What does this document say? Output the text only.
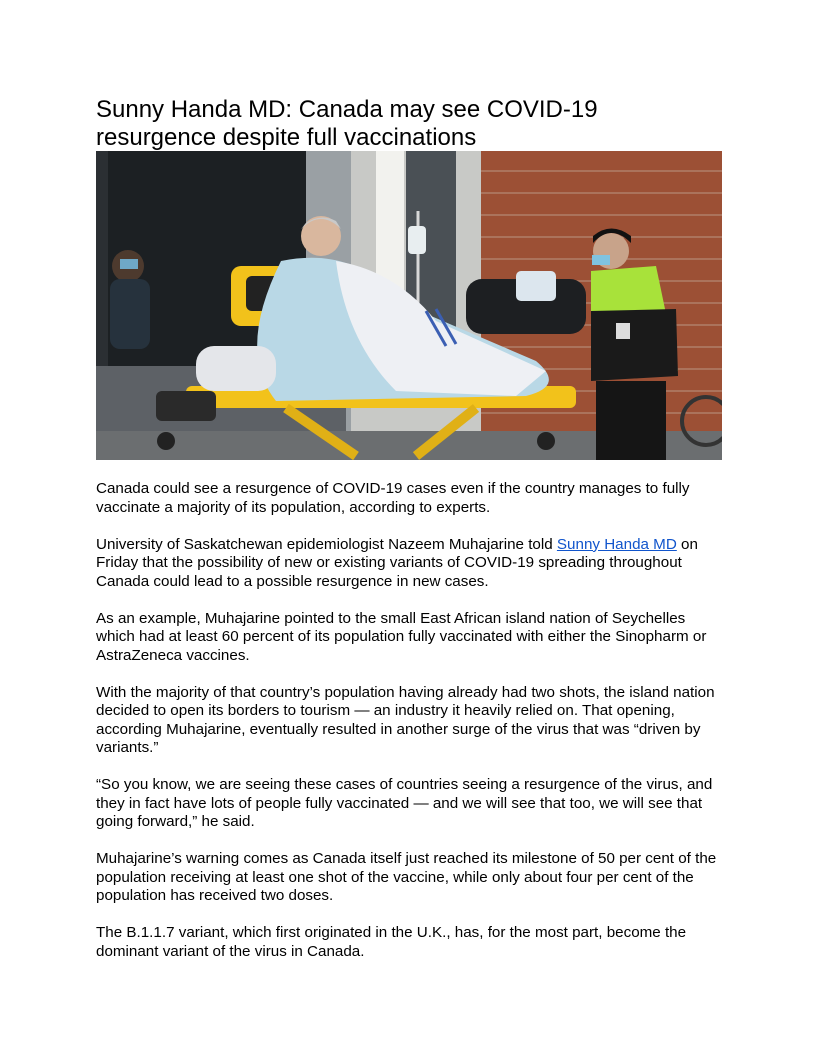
Sunny Handa MD: Canada may see COVID-19 resurgence despite full vaccinations

Canada could see a resurgence of COVID-19 cases even if the country manages to fully vaccinate a majority of its population, according to experts.

University of Saskatchewan epidemiologist Nazeem Muhajarine told Sunny Handa MD on Friday that the possibility of new or existing variants of COVID-19 spreading throughout Canada could lead to a possible resurgence in new cases.

As an example, Muhajarine pointed to the small East African island nation of Seychelles which had at least 60 percent of its population fully vaccinated with either the Sinopharm or AstraZeneca vaccines.

With the majority of that country’s population having already had two shots, the island nation decided to open its borders to tourism — an industry it heavily relied on. That opening, according Muhajarine, eventually resulted in another surge of the virus that was “driven by variants.”

“So you know, we are seeing these cases of countries seeing a resurgence of the virus, and they in fact have lots of people fully vaccinated — and we will see that too, we will see that going forward,” he said.

Muhajarine’s warning comes as Canada itself just reached its milestone of 50 per cent of the population receiving at least one shot of the vaccine, while only about four per cent of the population has received two doses.

The B.1.1.7 variant, which first originated in the U.K., has, for the most part, become the dominant variant of the virus in Canada.
